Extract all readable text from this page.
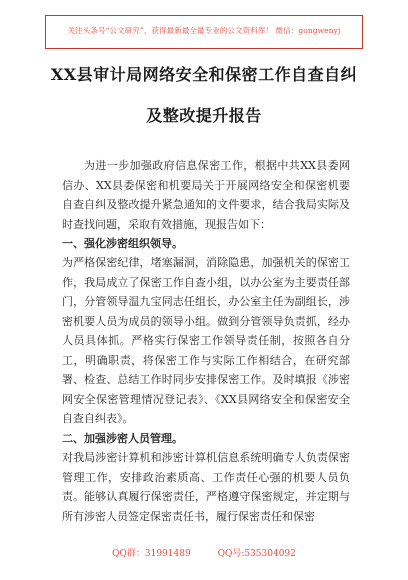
关注头条号“公文研究”，获得最新最全最专业的公文资料库！ 微信：gongwenyj
XX县审计局网络安全和保密工作自查自纠
及整改提升报告
为进一步加强政府信息保密工作，根据中共XX县委网信办、XX县委保密和机要局关于开展网络安全和保密机要自查自纠及整改提升紧急通知的文件要求，结合我局实际及时查找问题，采取有效措施，现报告如下：
一、强化涉密组织领导。
为严格保密纪律，堵塞漏洞，消除隐患，加强机关的保密工作，我局成立了保密工作自查小组，以办公室为主要责任部门，分管领导温九宝同志任组长，办公室主任为副组长，涉密机要人员为成员的领导小组。做到分管领导负责抓，经办人员具体抓。严格实行保密工作领导责任制，按照各自分工，明确职责，将保密工作与实际工作相结合，在研究部署、检查、总结工作时同步安排保密工作。及时填报《涉密网安全保密管理情况登记表》、《XX县网络安全和保密安全自查自纠表》。
二、加强涉密人员管理。
对我局涉密计算机和涉密计算机信息系统明确专人负责保密管理工作，安排政治素质高、工作责任心强的机要人员负责。能够认真履行保密责任，严格遵守保密规定，并定期与所有涉密人员签定保密责任书，履行保密责任和保密
QQ群：31991489	QQ号:535304092
